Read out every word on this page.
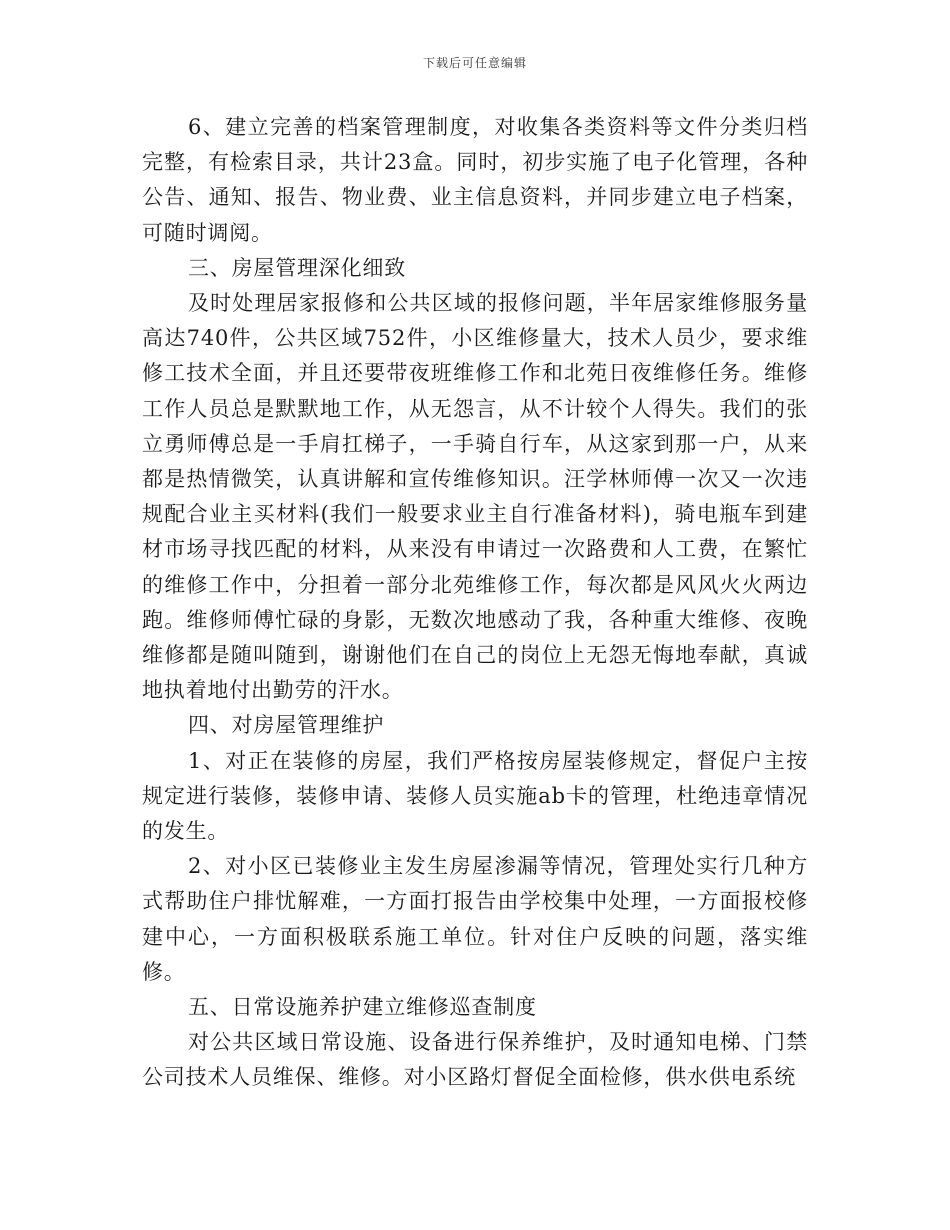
下载后可任意编辑

6、建立完善的档案管理制度，对收集各类资料等文件分类归档完整，有检索目录，共计23盒。同时，初步实施了电子化管理，各种公告、通知、报告、物业费、业主信息资料，并同步建立电子档案，可随时调阅。

三、房屋管理深化细致

及时处理居家报修和公共区域的报修问题，半年居家维修服务量高达740件，公共区域752件，小区维修量大，技术人员少，要求维修工技术全面，并且还要带夜班维修工作和北苑日夜维修任务。维修工作人员总是默默地工作，从无怨言，从不计较个人得失。我们的张立勇师傅总是一手肩扛梯子，一手骑自行车，从这家到那一户，从来都是热情微笑，认真讲解和宣传维修知识。汪学林师傅一次又一次违规配合业主买材料(我们一般要求业主自行准备材料)，骑电瓶车到建材市场寻找匹配的材料，从来没有申请过一次路费和人工费，在繁忙的维修工作中，分担着一部分北苑维修工作，每次都是风风火火两边跑。维修师傅忙碌的身影，无数次地感动了我，各种重大维修、夜晚维修都是随叫随到，谢谢他们在自己的岗位上无怨无悔地奉献，真诚地执着地付出勤劳的汗水。

四、对房屋管理维护

1、对正在装修的房屋，我们严格按房屋装修规定，督促户主按规定进行装修，装修申请、装修人员实施ab卡的管理，杜绝违章情况的发生。

2、对小区已装修业主发生房屋渗漏等情况，管理处实行几种方式帮助住户排忧解难，一方面打报告由学校集中处理，一方面报校修建中心，一方面积极联系施工单位。针对住户反映的问题，落实维修。

五、日常设施养护建立维修巡查制度

对公共区域日常设施、设备进行保养维护，及时通知电梯、门禁公司技术人员维保、维修。对小区路灯督促全面检修，供水供电系统
